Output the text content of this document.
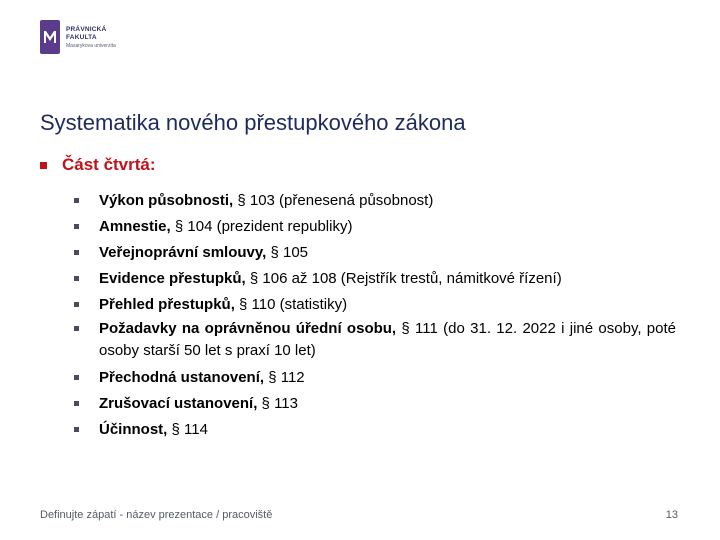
PRÁVNICKÁ
FAKULTA
Masarykova univerzita
Systematika nového přestupkového zákona
Část čtvrtá:
Výkon působnosti, § 103 (přenesená působnost)
Amnestie, § 104 (prezident republiky)
Veřejnoprávní smlouvy, § 105
Evidence přestupků, § 106 až 108 (Rejstřík trestů, námitkové řízení)
Přehled přestupků, § 110 (statistiky)
Požadavky na oprávněnou úřední osobu, § 111 (do 31. 12. 2022 i jiné osoby, poté osoby starší 50 let s praxí 10 let)
Přechodná ustanovení, § 112
Zrušovací ustanovení, § 113
Účinnost, § 114
Definujte zápatí - název prezentace / pracoviště	13
